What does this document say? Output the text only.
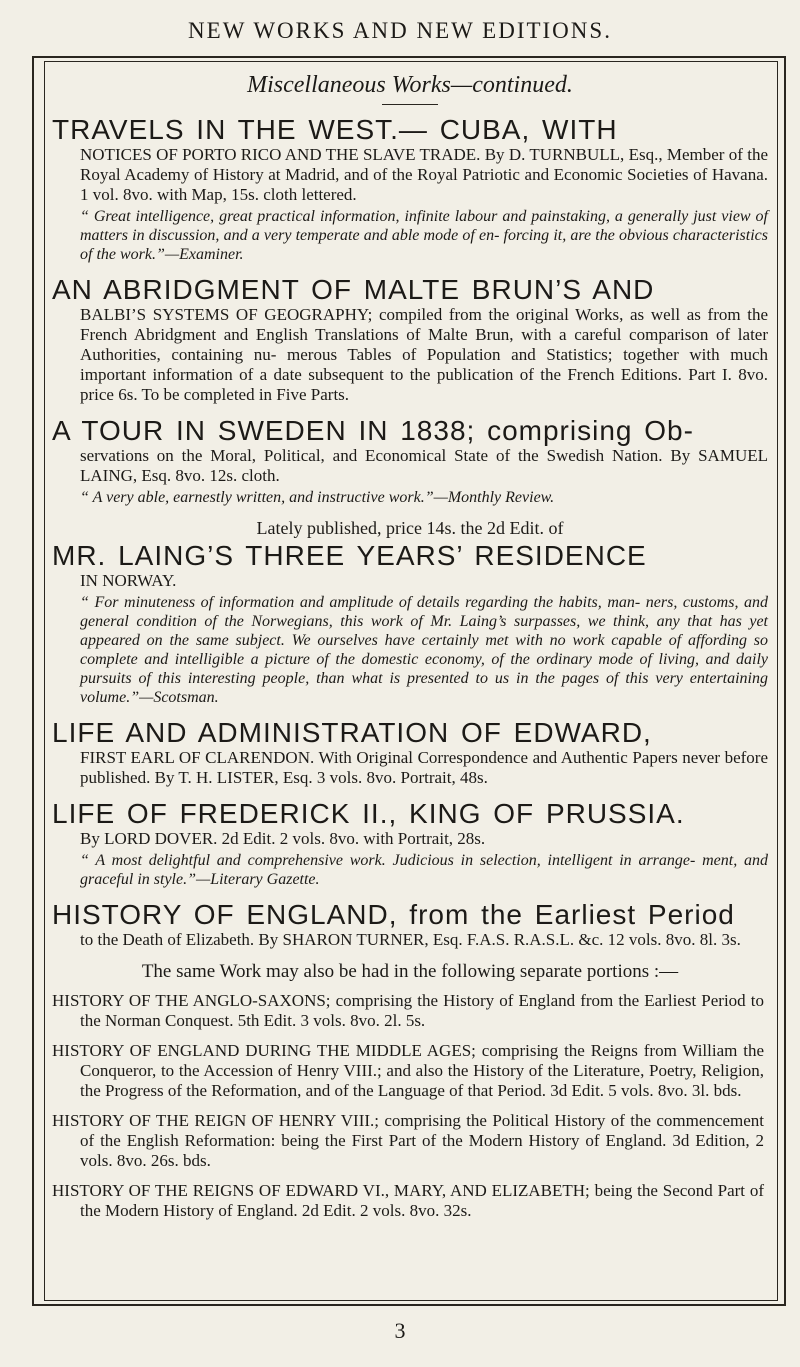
NEW WORKS AND NEW EDITIONS.
Miscellaneous Works—continued.

TRAVELS IN THE WEST.— CUBA, WITH

NOTICES OF PORTO RICO AND THE SLAVE TRADE. By D. TURNBULL, Esq., Member of the Royal Academy of History at Madrid, and of the Royal Patriotic and Economic Societies of Havana. 1 vol. 8vo. with Map, 15s. cloth lettered.

“ Great intelligence, great practical information, infinite labour and painstaking, a generally just view of matters in discussion, and a very temperate and able mode of en- forcing it, are the obvious characteristics of the work.”—Examiner.

AN ABRIDGMENT OF MALTE BRUN’S AND

BALBI’S SYSTEMS OF GEOGRAPHY; compiled from the original Works, as well as from the French Abridgment and English Translations of Malte Brun, with a careful comparison of later Authorities, containing nu- merous Tables of Population and Statistics; together with much important information of a date subsequent to the publication of the French Editions. Part I. 8vo. price 6s. To be completed in Five Parts.

A TOUR IN SWEDEN IN 1838; comprising Ob-

servations on the Moral, Political, and Economical State of the Swedish Nation. By SAMUEL LAING, Esq. 8vo. 12s. cloth.

“ A very able, earnestly written, and instructive work.”—Monthly Review.

Lately published, price 14s. the 2d Edit. of

MR. LAING’S THREE YEARS’ RESIDENCE

IN NORWAY.

“ For minuteness of information and amplitude of details regarding the habits, man- ners, customs, and general condition of the Norwegians, this work of Mr. Laing’s surpasses, we think, any that has yet appeared on the same subject. We ourselves have certainly met with no work capable of affording so complete and intelligible a picture of the domestic economy, of the ordinary mode of living, and daily pursuits of this interesting people, than what is presented to us in the pages of this very entertaining volume.”—Scotsman.

LIFE AND ADMINISTRATION OF EDWARD,

FIRST EARL OF CLARENDON. With Original Correspondence and Authentic Papers never before published. By T. H. LISTER, Esq. 3 vols. 8vo. Portrait, 48s.

LIFE OF FREDERICK II., KING OF PRUSSIA.

By LORD DOVER. 2d Edit. 2 vols. 8vo. with Portrait, 28s.

“ A most delightful and comprehensive work. Judicious in selection, intelligent in arrange- ment, and graceful in style.”—Literary Gazette.

HISTORY OF ENGLAND, from the Earliest Period

to the Death of Elizabeth. By SHARON TURNER, Esq. F.A.S. R.A.S.L. &c. 12 vols. 8vo. 8l. 3s.

The same Work may also be had in the following separate portions :—

HISTORY OF THE ANGLO-SAXONS; comprising the History of England from the Earliest Period to the Norman Conquest. 5th Edit. 3 vols. 8vo. 2l. 5s.

HISTORY OF ENGLAND DURING THE MIDDLE AGES; comprising the Reigns from William the Conqueror, to the Accession of Henry VIII.; and also the History of the Literature, Poetry, Religion, the Progress of the Reformation, and of the Language of that Period. 3d Edit. 5 vols. 8vo. 3l. bds.

HISTORY OF THE REIGN OF HENRY VIII.; comprising the Political History of the commencement of the English Reformation: being the First Part of the Modern History of England. 3d Edition, 2 vols. 8vo. 26s. bds.

HISTORY OF THE REIGNS OF EDWARD VI., MARY, AND ELIZABETH; being the Second Part of the Modern History of England. 2d Edit. 2 vols. 8vo. 32s.

3
